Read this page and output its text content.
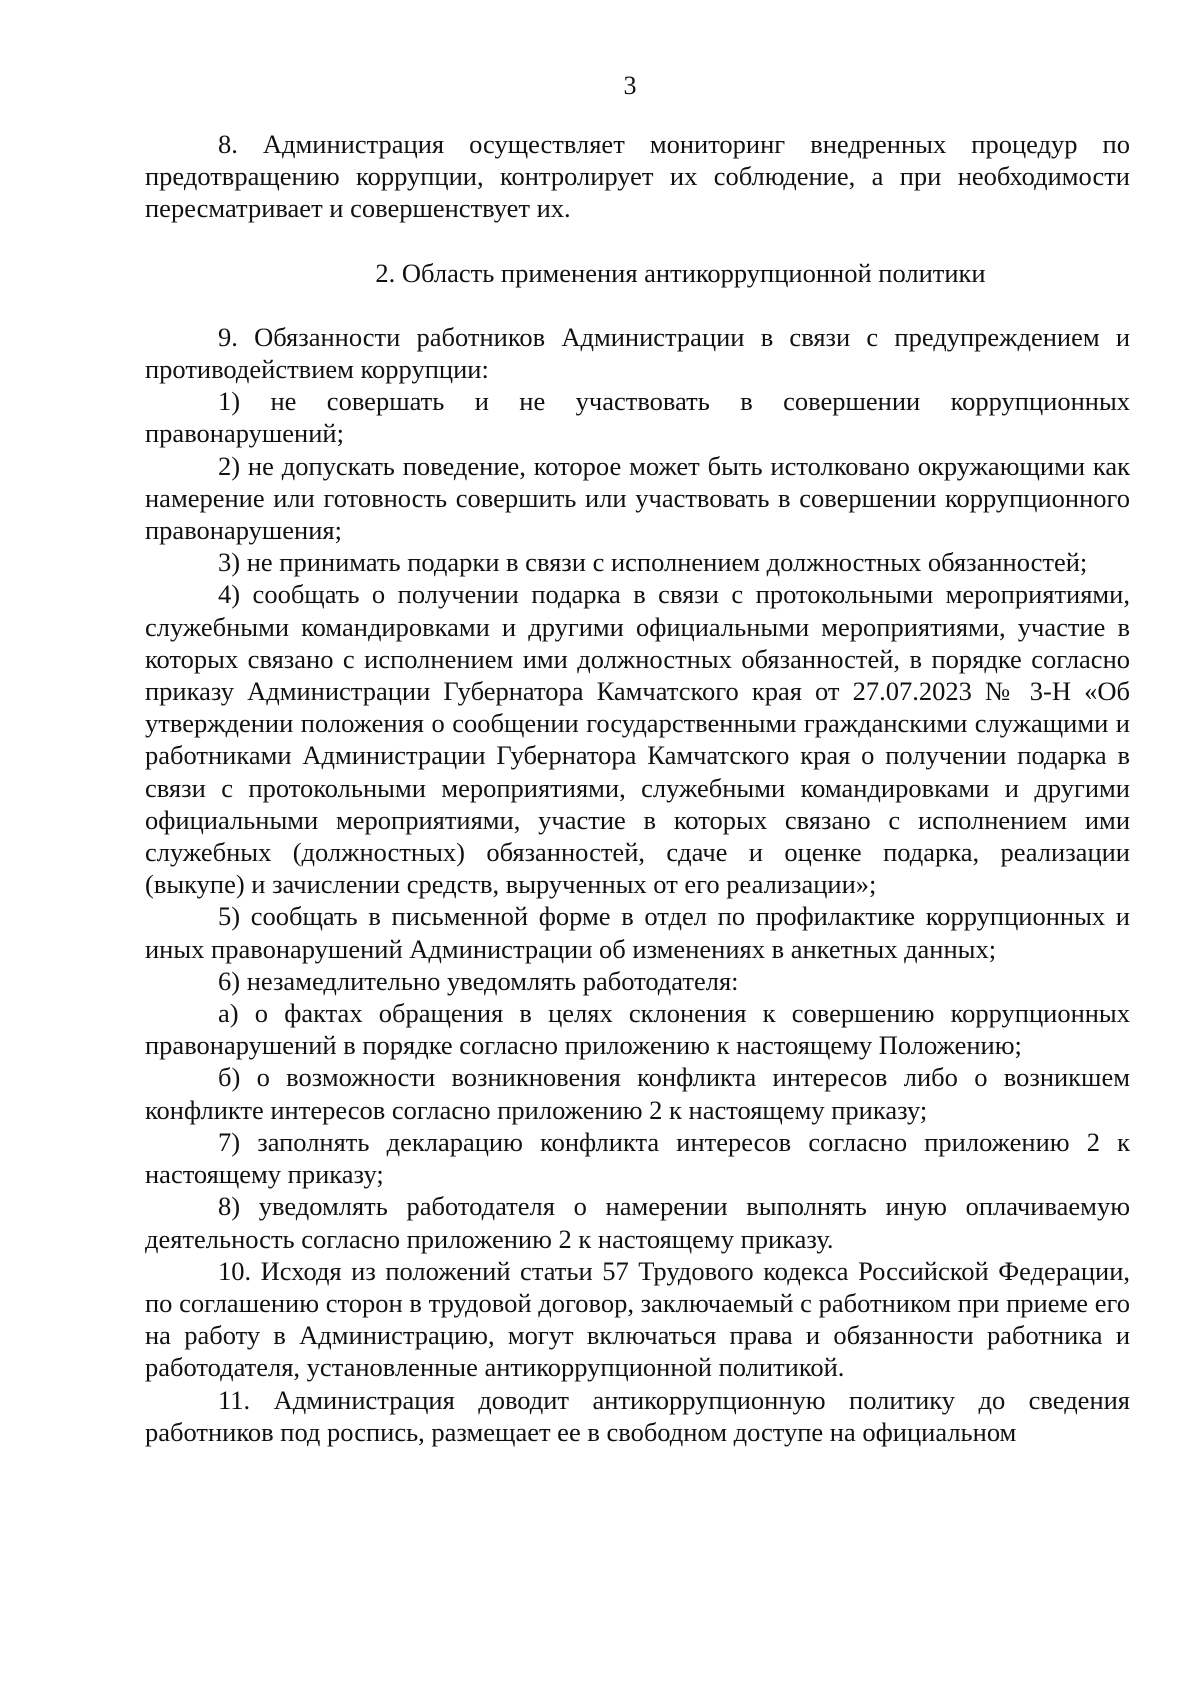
3

8. Администрация осуществляет мониторинг внедренных процедур по предотвращению коррупции, контролирует их соблюдение, а при необходимости пересматривает и совершенствует их.

2. Область применения антикоррупционной политики

9. Обязанности работников Администрации в связи с предупреждением и противодействием коррупции:

1) не совершать и не участвовать в совершении коррупционных правонарушений;

2) не допускать поведение, которое может быть истолковано окружающими как намерение или готовность совершить или участвовать в совершении коррупционного правонарушения;

3) не принимать подарки в связи с исполнением должностных обязанностей;

4) сообщать о получении подарка в связи с протокольными мероприятиями, служебными командировками и другими официальными мероприятиями, участие в которых связано с исполнением ими должностных обязанностей, в порядке согласно приказу Администрации Губернатора Камчатского края от 27.07.2023 № 3-Н «Об утверждении положения о сообщении государственными гражданскими служащими и работниками Администрации Губернатора Камчатского края о получении подарка в связи с протокольными мероприятиями, служебными командировками и другими официальными мероприятиями, участие в которых связано с исполнением ими служебных (должностных) обязанностей, сдаче и оценке подарка, реализации (выкупе) и зачислении средств, вырученных от его реализации»;

5) сообщать в письменной форме в отдел по профилактике коррупционных и иных правонарушений Администрации об изменениях в анкетных данных;

6) незамедлительно уведомлять работодателя:

а) о фактах обращения в целях склонения к совершению коррупционных правонарушений в порядке согласно приложению к настоящему Положению;

б) о возможности возникновения конфликта интересов либо о возникшем конфликте интересов согласно приложению 2 к настоящему приказу;

7) заполнять декларацию конфликта интересов согласно приложению 2 к настоящему приказу;

8) уведомлять работодателя о намерении выполнять иную оплачиваемую деятельность согласно приложению 2 к настоящему приказу.

10. Исходя из положений статьи 57 Трудового кодекса Российской Федерации, по соглашению сторон в трудовой договор, заключаемый с работником при приеме его на работу в Администрацию, могут включаться права и обязанности работника и работодателя, установленные антикоррупционной политикой.

11. Администрация доводит антикоррупционную политику до сведения работников под роспись, размещает ее в свободном доступе на официальном
